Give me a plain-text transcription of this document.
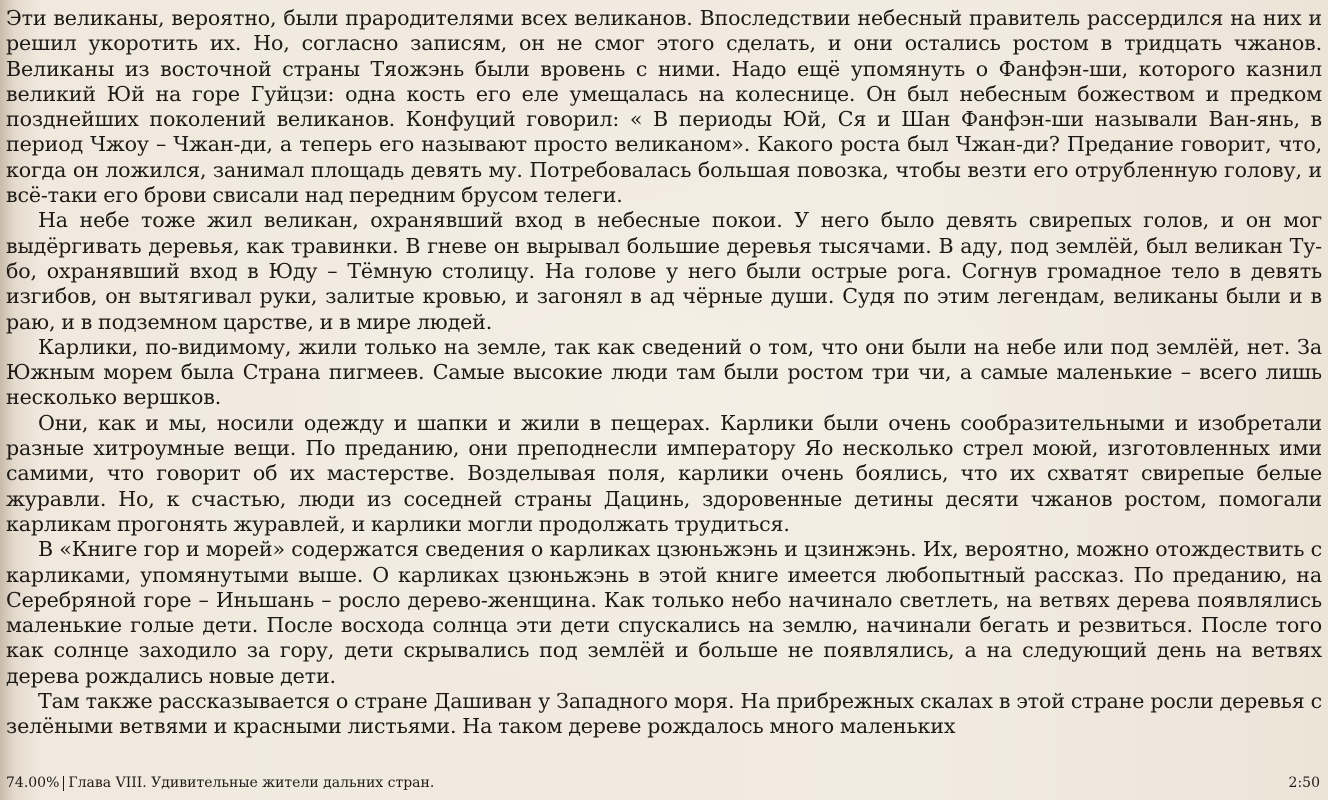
Эти великаны, вероятно, были прародителями всех великанов. Впоследствии небесный правитель рассердился на них и решил укоротить их. Но, согласно записям, он не смог этого сделать, и они остались ростом в тридцать чжанов. Великаны из восточной страны Тяожэнь были вровень с ними. Надо ещё упомянуть о Фанфэн-ши, которого казнил великий Юй на горе Гуйцзи: одна кость его еле умещалась на колеснице. Он был небесным божеством и предком позднейших поколений великанов. Конфуций говорил: « В периоды Юй, Ся и Шан Фанфэн-ши называли Ван-янь, в период Чжоу – Чжан-ди, а теперь его называют просто великаном». Какого роста был Чжан-ди? Предание говорит, что, когда он ложился, занимал площадь девять му. Потребовалась большая повозка, чтобы везти его отрубленную голову, и всё-таки его брови свисали над передним брусом телеги.

На небе тоже жил великан, охранявший вход в небесные покои. У него было девять свирепых голов, и он мог выдёргивать деревья, как травинки. В гневе он вырывал большие деревья тысячами. В аду, под землёй, был великан Ту-бо, охранявший вход в Юду – Тёмную столицу. На голове у него были острые рога. Согнув громадное тело в девять изгибов, он вытягивал руки, залитые кровью, и загонял в ад чёрные души. Судя по этим легендам, великаны были и в раю, и в подземном царстве, и в мире людей.

Карлики, по-видимому, жили только на земле, так как сведений о том, что они были на небе или под землёй, нет. За Южным морем была Страна пигмеев. Самые высокие люди там были ростом три чи, а самые маленькие – всего лишь несколько вершков.

Они, как и мы, носили одежду и шапки и жили в пещерах. Карлики были очень сообразительными и изобретали разные хитроумные вещи. По преданию, они преподнесли императору Яо несколько стрел моюй, изготовленных ими самими, что говорит об их мастерстве. Возделывая поля, карлики очень боялись, что их схватят свирепые белые журавли. Но, к счастью, люди из соседней страны Дацинь, здоровенные детины десяти чжанов ростом, помогали карликам прогонять журавлей, и карлики могли продолжать трудиться.

В «Книге гор и морей» содержатся сведения о карликах цзюньжэнь и цзинжэнь. Их, вероятно, можно отождествить с карликами, упомянутыми выше. О карликах цзюньжэнь в этой книге имеется любопытный рассказ. По преданию, на Серебряной горе – Иньшань – росло дерево-женщина. Как только небо начинало светлеть, на ветвях дерева появлялись маленькие голые дети. После восхода солнца эти дети спускались на землю, начинали бегать и резвиться. После того как солнце заходило за гору, дети скрывались под землёй и больше не появлялись, а на следующий день на ветвях дерева рождались новые дети.

Там также рассказывается о стране Дашиван у Западного моря. На прибрежных скалах в этой стране росли деревья с зелёными ветвями и красными листьями. На таком дереве рождалось много маленьких

74.00% Глава VIII. Удивительные жители дальних стран.	2:50
